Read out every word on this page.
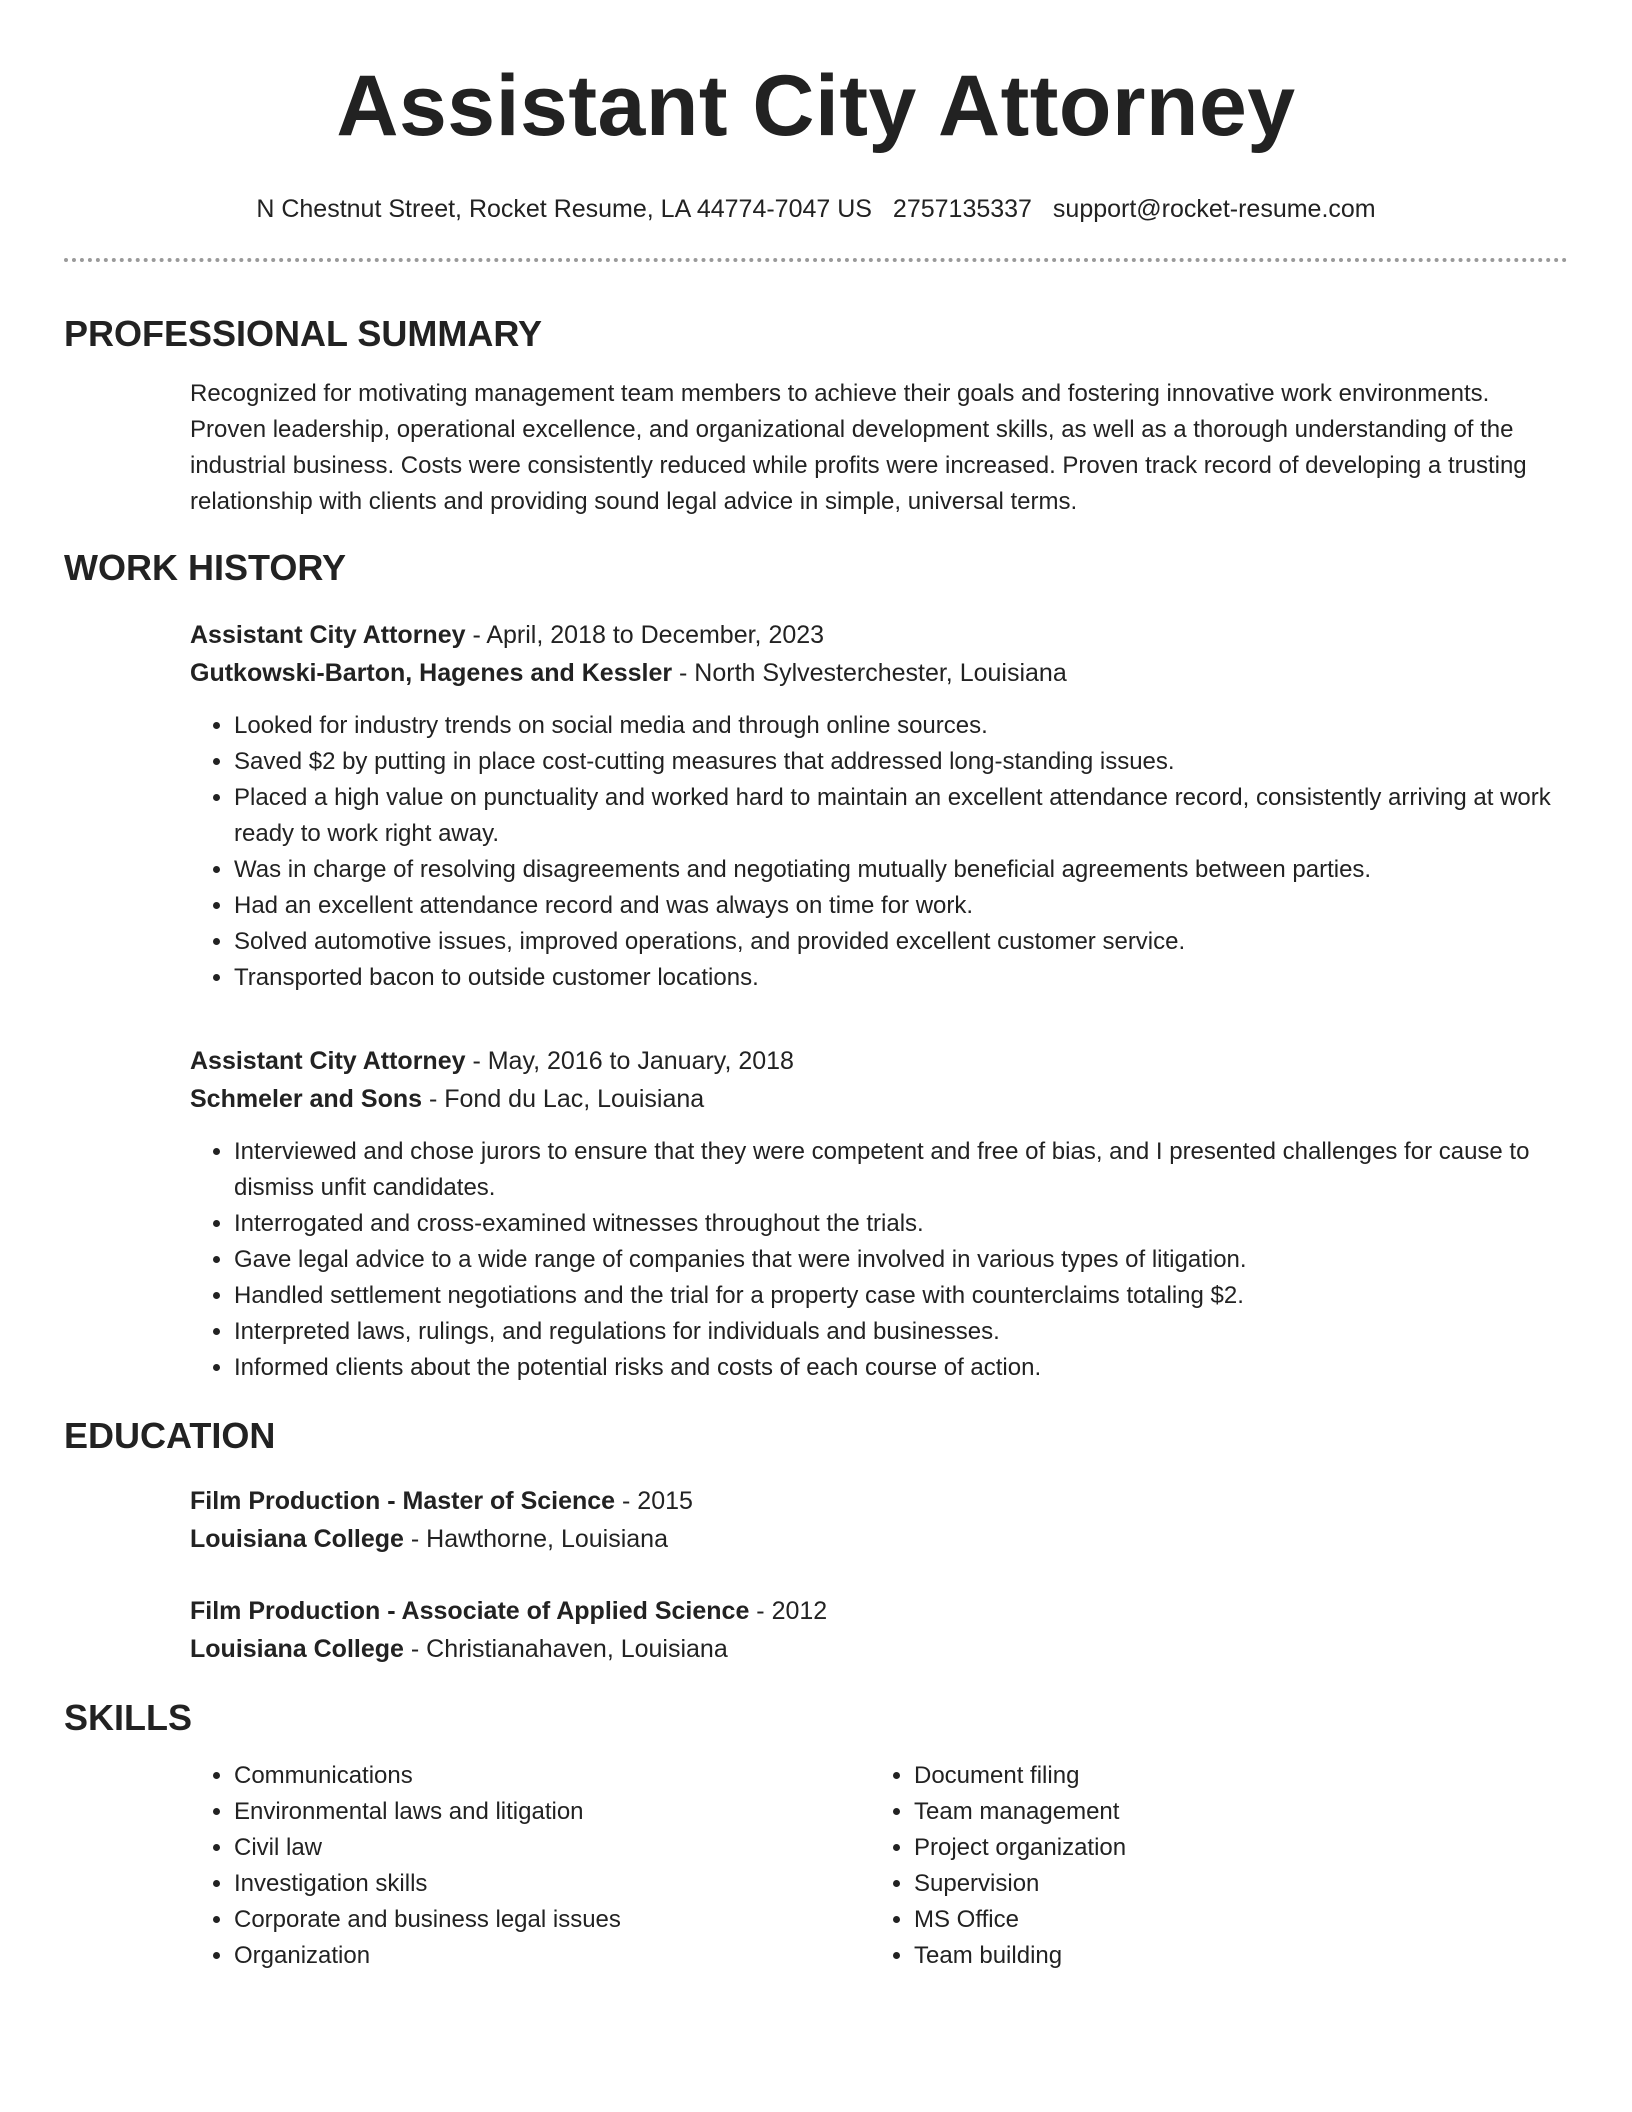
Assistant City Attorney
N Chestnut Street, Rocket Resume, LA 44774-7047 US 2757135337 support@rocket-resume.com
PROFESSIONAL SUMMARY
Recognized for motivating management team members to achieve their goals and fostering innovative work environments. Proven leadership, operational excellence, and organizational development skills, as well as a thorough understanding of the industrial business. Costs were consistently reduced while profits were increased. Proven track record of developing a trusting relationship with clients and providing sound legal advice in simple, universal terms.
WORK HISTORY
Assistant City Attorney - April, 2018 to December, 2023
Gutkowski-Barton, Hagenes and Kessler - North Sylvesterchester, Louisiana
• Looked for industry trends on social media and through online sources.
• Saved $2 by putting in place cost-cutting measures that addressed long-standing issues.
• Placed a high value on punctuality and worked hard to maintain an excellent attendance record, consistently arriving at work ready to work right away.
• Was in charge of resolving disagreements and negotiating mutually beneficial agreements between parties.
• Had an excellent attendance record and was always on time for work.
• Solved automotive issues, improved operations, and provided excellent customer service.
• Transported bacon to outside customer locations.
Assistant City Attorney - May, 2016 to January, 2018
Schmeler and Sons - Fond du Lac, Louisiana
• Interviewed and chose jurors to ensure that they were competent and free of bias, and I presented challenges for cause to dismiss unfit candidates.
• Interrogated and cross-examined witnesses throughout the trials.
• Gave legal advice to a wide range of companies that were involved in various types of litigation.
• Handled settlement negotiations and the trial for a property case with counterclaims totaling $2.
• Interpreted laws, rulings, and regulations for individuals and businesses.
• Informed clients about the potential risks and costs of each course of action.
EDUCATION
Film Production - Master of Science - 2015
Louisiana College - Hawthorne, Louisiana
Film Production - Associate of Applied Science - 2012
Louisiana College - Christianahaven, Louisiana
SKILLS
• Communications
• Environmental laws and litigation
• Civil law
• Investigation skills
• Corporate and business legal issues
• Organization
• Document filing
• Team management
• Project organization
• Supervision
• MS Office
• Team building
